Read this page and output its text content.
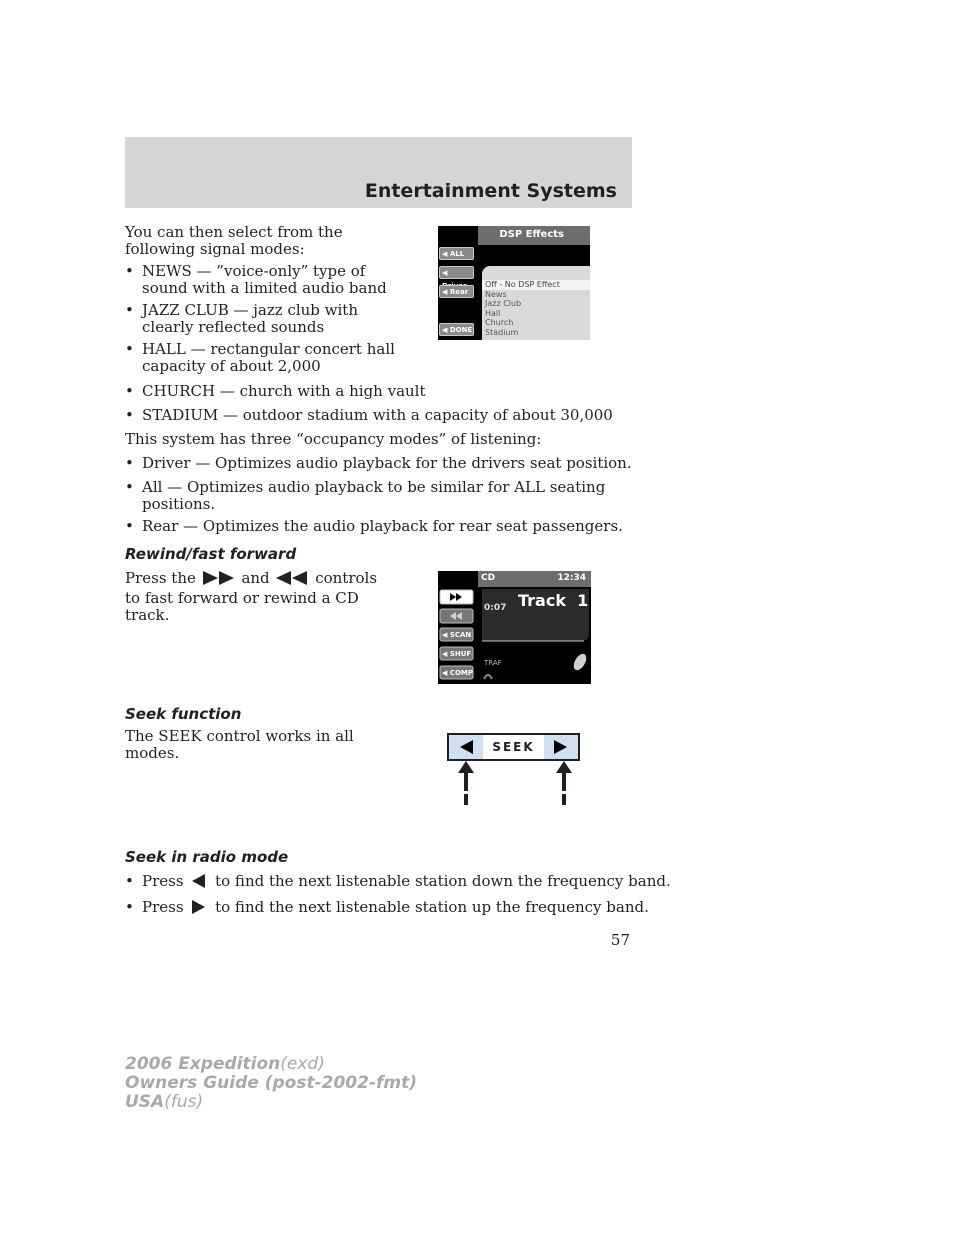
Entertainment Systems
You can then select from the
following signal modes:
• NEWS — ”voice-only” type of
sound with a limited audio band
• JAZZ CLUB — jazz club with
clearly reflected sounds
• HALL — rectangular concert hall
capacity of about 2,000
• CHURCH — church with a high vault
• STADIUM — outdoor stadium with a capacity of about 30,000
This system has three “occupancy modes” of listening:
• Driver — Optimizes audio playback for the drivers seat position.
• All — Optimizes audio playback to be similar for ALL seating
positions.
• Rear — Optimizes the audio playback for rear seat passengers.
DSP Effects
◀ ALL
◀
◀ Rear
◀ DONE
Off - No DSP Effect
News
Jazz Club
Hall
Church
Stadium
Rewind/fast forward
Press the	and	controls
to fast forward or rewind a CD
track.
CD	12:34
0:07 Track  1
◀ SCAN
◀ SHUF
◀ COMP
TRAF
Seek function
The SEEK control works in all
modes.	SEEK
Seek in radio mode
• Press to find the next listenable station down the frequency band.
• Press to find the next listenable station up the frequency band.
57
2006 Expedition(exd)
Owners Guide (post-2002-fmt)
USA(fus)
